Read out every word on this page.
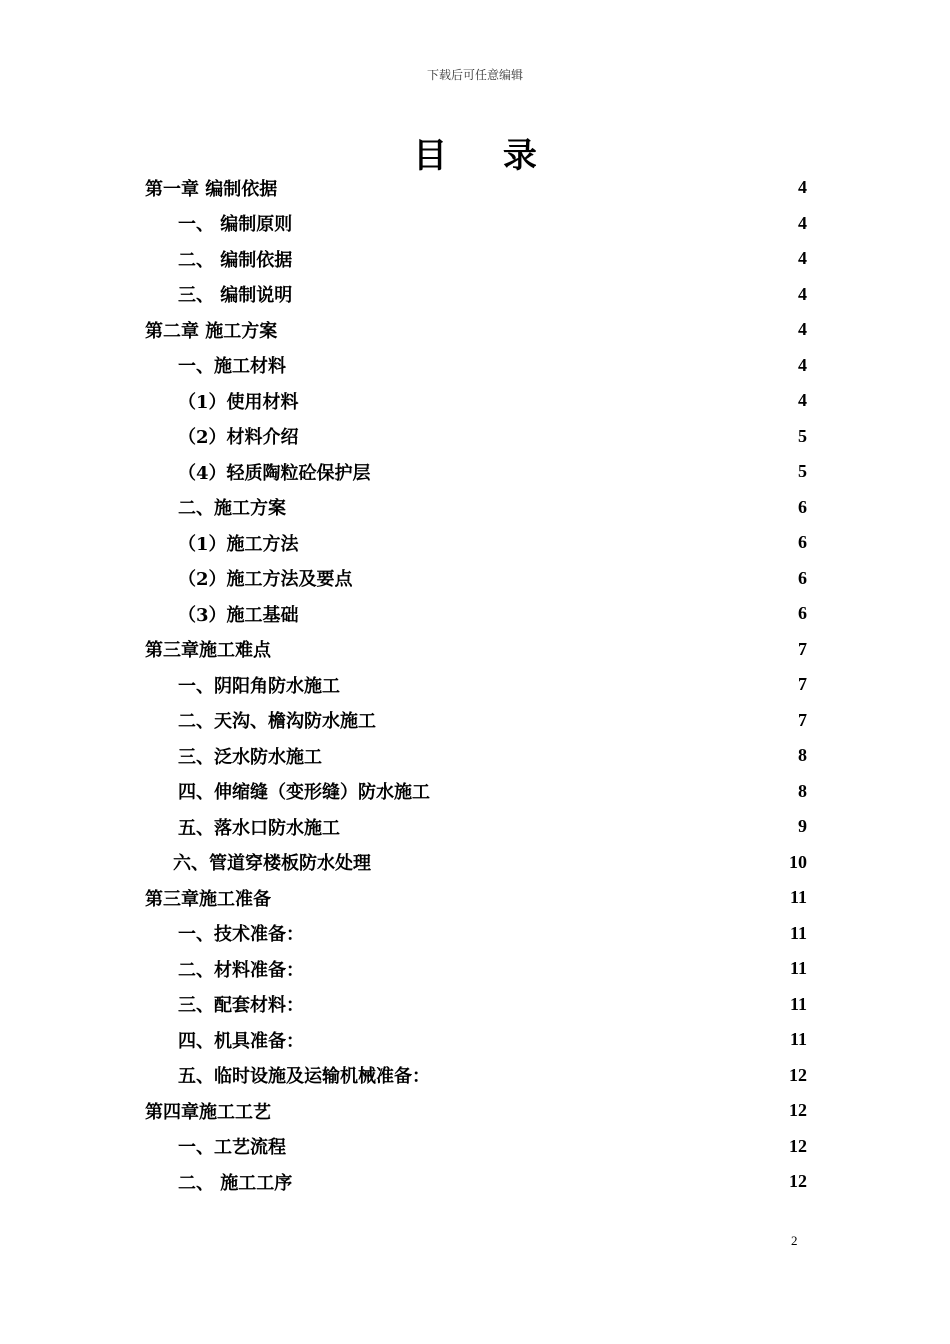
下载后可任意编辑
目 录
第一章 编制依据	4
一、 编制原则	4
二、 编制依据	4
三、 编制说明	4
第二章 施工方案	4
一、施工材料	4
（1）使用材料	4
（2）材料介绍	5
（4）轻质陶粒砼保护层	5
二、施工方案	6
（1）施工方法	6
（2）施工方法及要点	6
（3）施工基础	6
第三章施工难点	7
一、阴阳角防水施工	7
二、天沟、檐沟防水施工	7
三、泛水防水施工	8
四、伸缩缝（变形缝）防水施工	8
五、落水口防水施工	9
六、管道穿楼板防水处理	10
第三章施工准备	11
一、技术准备：	11
二、材料准备：	11
三、配套材料：	11
四、机具准备：	11
五、临时设施及运输机械准备：	12
第四章施工工艺	12
一、工艺流程	12
二、 施工工序	12
2
